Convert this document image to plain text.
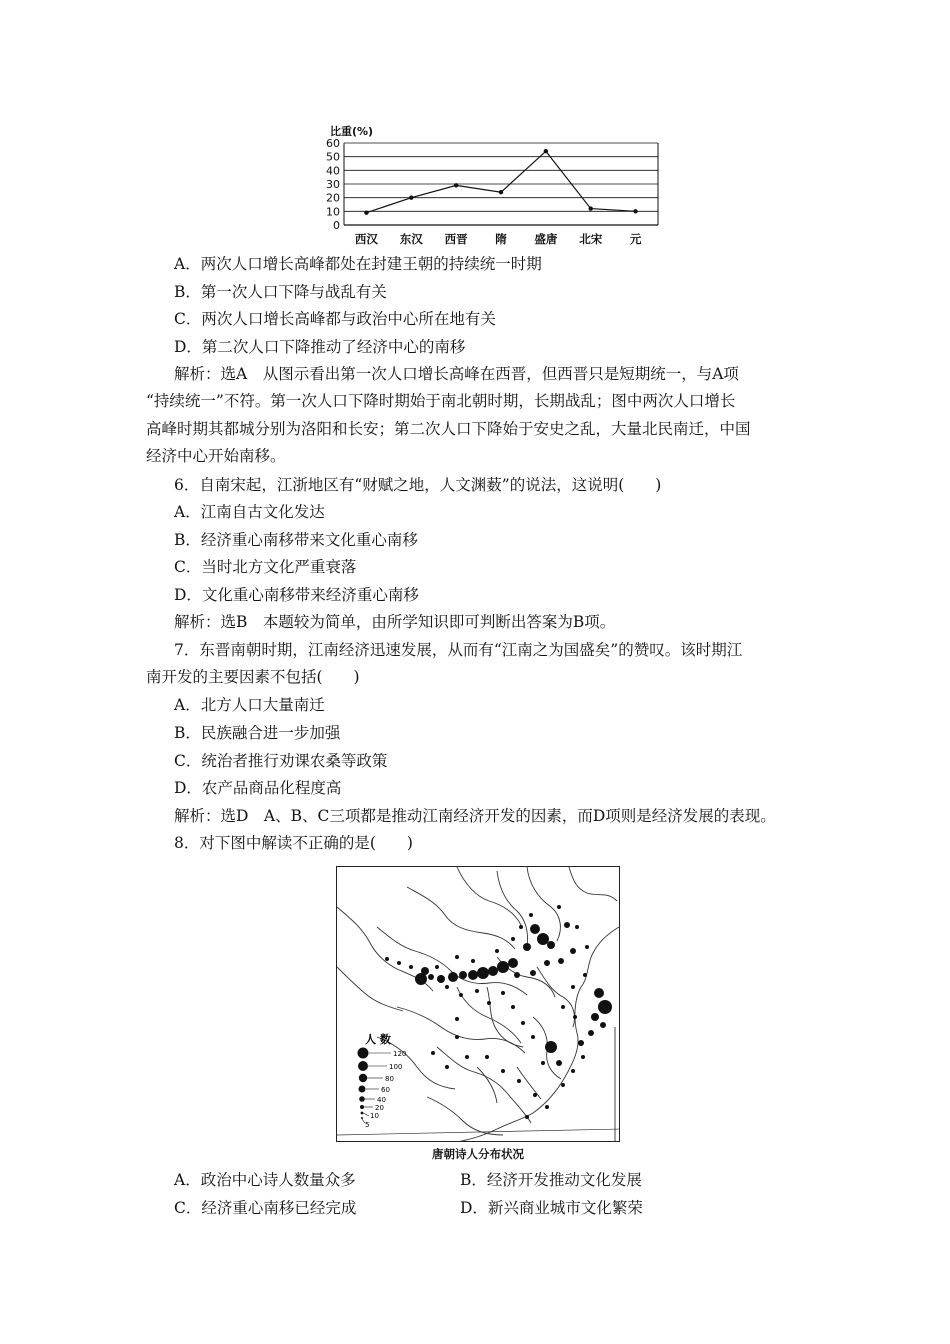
比重(%)
0
10
20
30
40
50
60
西汉 东汉 西晋 隋 盛唐 北宋 元
A．两次人口增长高峰都处在封建王朝的持续统一时期
B．第一次人口下降与战乱有关
C．两次人口增长高峰都与政治中心所在地有关
D．第二次人口下降推动了经济中心的南移
解析：选A　从图示看出第一次人口增长高峰在西晋，但西晋只是短期统一，与A项
“持续统一”不符。第一次人口下降时期始于南北朝时期，长期战乱；图中两次人口增长
高峰时期其都城分别为洛阳和长安；第二次人口下降始于安史之乱，大量北民南迁，中国
经济中心开始南移。
6．自南宋起，江浙地区有“财赋之地，人文渊薮”的说法，这说明(　　)
A．江南自古文化发达
B．经济重心南移带来文化重心南移
C．当时北方文化严重衰落
D．文化重心南移带来经济重心南移
解析：选B　本题较为简单，由所学知识即可判断出答案为B项。
7．东晋南朝时期，江南经济迅速发展，从而有“江南之为国盛矣”的赞叹。该时期江
南开发的主要因素不包括(　　)
A．北方人口大量南迁
B．民族融合进一步加强
C．统治者推行劝课农桑等政策
D．农产品商品化程度高
解析：选D　A、B、C三项都是推动江南经济开发的因素，而D项则是经济发展的表现。
8．对下图中解读不正确的是(　　)
人 数
120
100
80
60
40
20
10
5
唐朝诗人分布状况
A．政治中心诗人数量众多	B．经济开发推动文化发展
C．经济重心南移已经完成	D．新兴商业城市文化繁荣
